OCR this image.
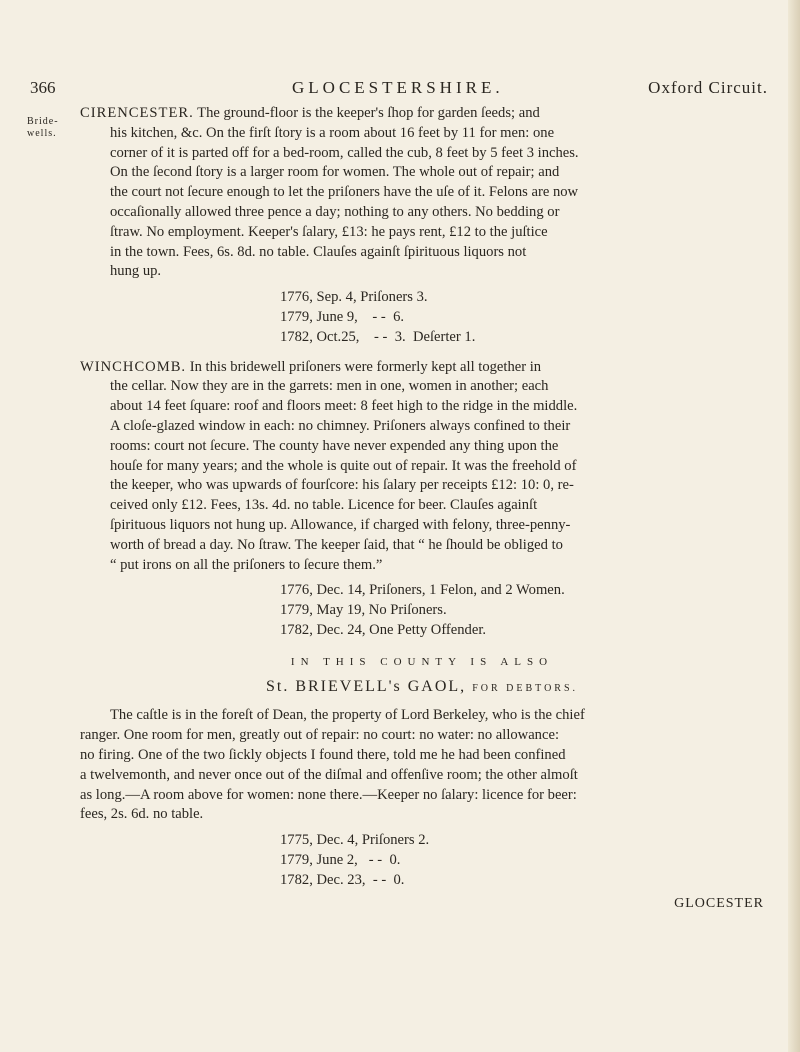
366	GLOCESTERSHIRE.	Oxford Circuit.
Bride-wells.

CIRENCESTER. The ground-floor is the keeper's ſhop for garden ſeeds; and

his kitchen, &c. On the firſt ſtory is a room about 16 feet by 11 for men: one

corner of it is parted off for a bed-room, called the cub, 8 feet by 5 feet 3 inches.

On the ſecond ſtory is a larger room for women. The whole out of repair; and

the court not ſecure enough to let the priſoners have the uſe of it. Felons are now

occaſionally allowed three pence a day; nothing to any others. No bedding or

ſtraw. No employment. Keeper's ſalary, £13: he pays rent, £12 to the juſtice

in the town. Fees, 6s. 8d. no table. Clauſes againſt ſpirituous liquors not

hung up.

1776, Sep. 4, Priſoners 3.
1779, June 9,    - -  6.
1782, Oct.25,    - -  3.  Deſerter 1.

WINCHCOMB. In this bridewell priſoners were formerly kept all together in

the cellar. Now they are in the garrets: men in one, women in another; each

about 14 feet ſquare: roof and floors meet: 8 feet high to the ridge in the middle.

A cloſe-glazed window in each: no chimney. Priſoners always confined to their

rooms: court not ſecure. The county have never expended any thing upon the

houſe for many years; and the whole is quite out of repair. It was the freehold of

the keeper, who was upwards of fourſcore: his ſalary per receipts £12: 10: 0, re-

ceived only £12. Fees, 13s. 4d. no table. Licence for beer. Clauſes againſt

ſpirituous liquors not hung up. Allowance, if charged with felony, three-penny-

worth of bread a day. No ſtraw. The keeper ſaid, that “ he ſhould be obliged to

“ put irons on all the priſoners to ſecure them.”

1776, Dec. 14, Priſoners, 1 Felon, and 2 Women.
1779, May 19, No Priſoners.
1782, Dec. 24, One Petty Offender.
IN THIS COUNTY IS ALSO
St. BRIEVELL's GAOL, FOR DEBTORS.

The caſtle is in the foreſt of Dean, the property of Lord Berkeley, who is the chief

ranger. One room for men, greatly out of repair: no court: no water: no allowance:

no firing. One of the two ſickly objects I found there, told me he had been confined

a twelvemonth, and never once out of the diſmal and offenſive room; the other almoſt

as long.—A room above for women: none there.—Keeper no ſalary: licence for beer:

fees, 2s. 6d. no table.

1775, Dec. 4, Priſoners 2.
1779, June 2,   - -  0.
1782, Dec. 23,  - -  0.
GLOCESTER
